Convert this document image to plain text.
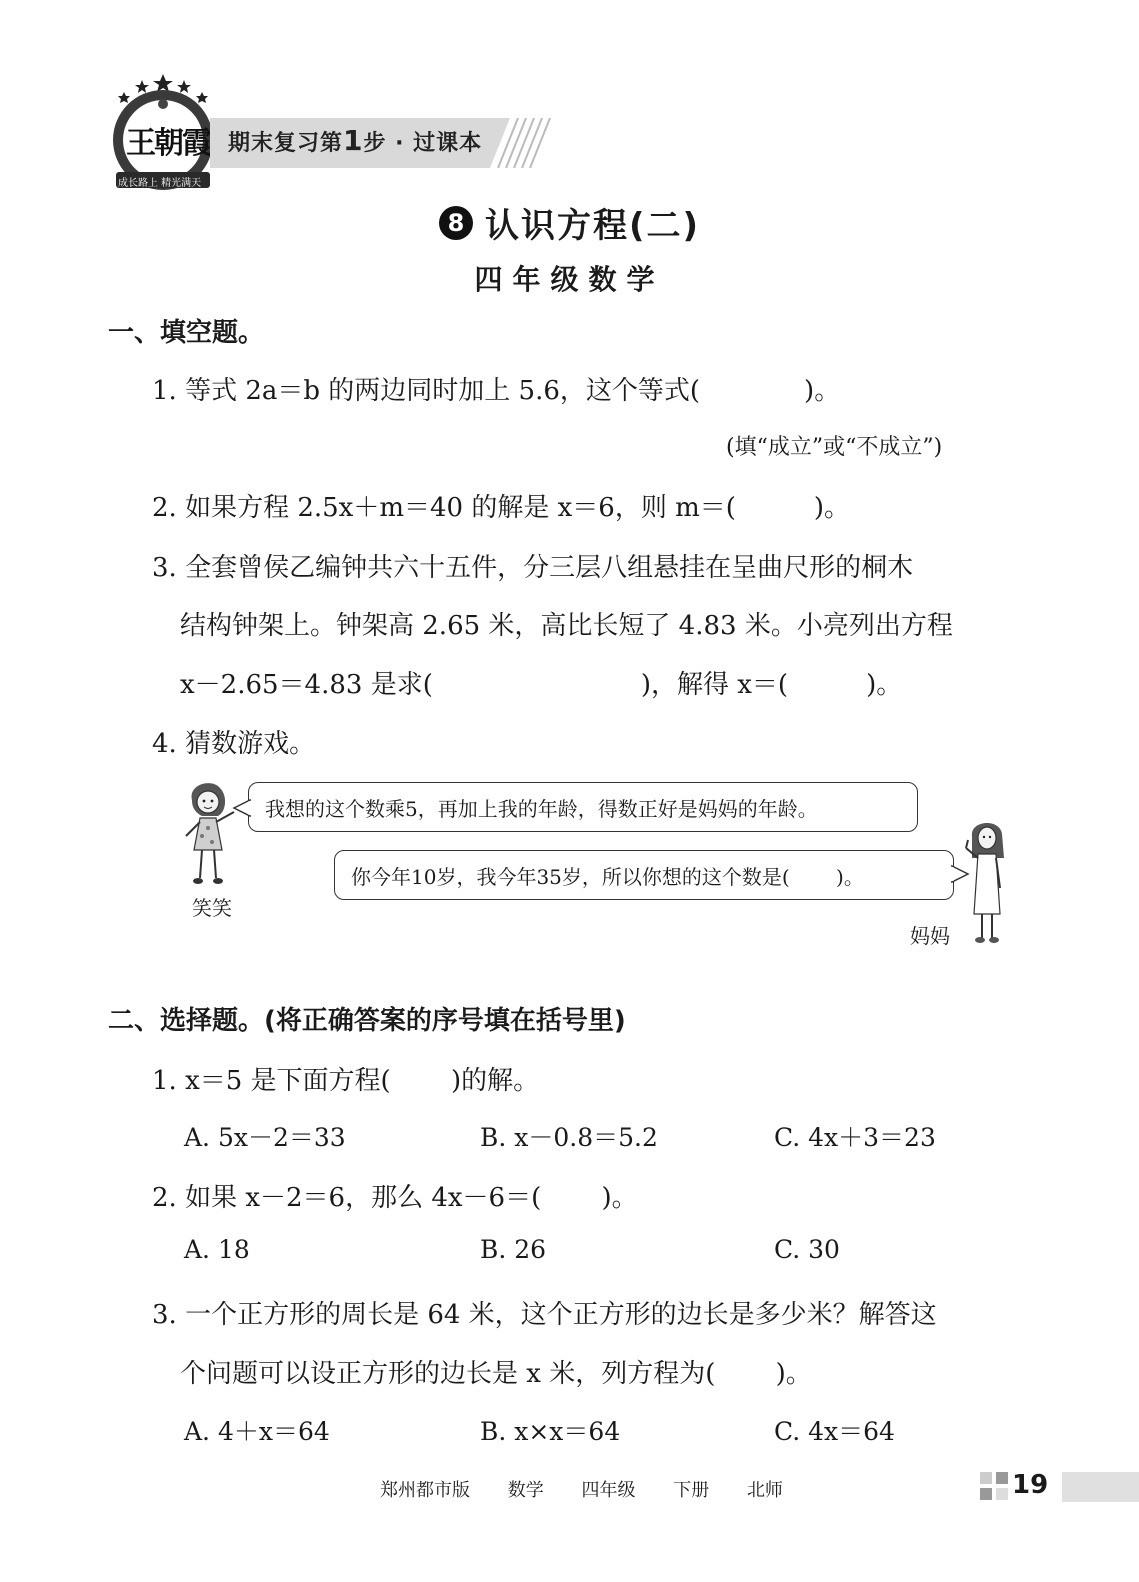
王朝霞
成长路上 精光满天
期末复习第1步 · 过课本
8 认识方程(二)
四年级数学
一、填空题。
1. 等式 2a＝b 的两边同时加上 5.6，这个等式(　　　　)。
(填“成立”或“不成立”)
2. 如果方程 2.5x＋m＝40 的解是 x＝6，则 m＝(　　　)。
3. 全套曾侯乙编钟共六十五件，分三层八组悬挂在呈曲尺形的桐木
结构钟架上。钟架高 2.65 米，高比长短了 4.83 米。小亮列出方程
x－2.65＝4.83 是求(　　　　　　　　)，解得 x＝(　　　)。
4. 猜数游戏。
笑笑
我想的这个数乘5，再加上我的年龄，得数正好是妈妈的年龄。
你今年10岁，我今年35岁，所以你想的这个数是(　　 )。
妈妈
二、选择题。(将正确答案的序号填在括号里)
1. x＝5 是下面方程(　　 )的解。
A. 5x－2＝33	B. x－0.8＝5.2	C. 4x＋3＝23
2. 如果 x－2＝6，那么 4x－6＝(　　 )。
A. 18	B. 26	C. 30
3. 一个正方形的周长是 64 米，这个正方形的边长是多少米？解答这
个问题可以设正方形的边长是 x 米，列方程为(　　 )。
A. 4＋x＝64	B. x×x＝64	C. 4x＝64
郑州都市版 数学 四年级 下册 北师	19
